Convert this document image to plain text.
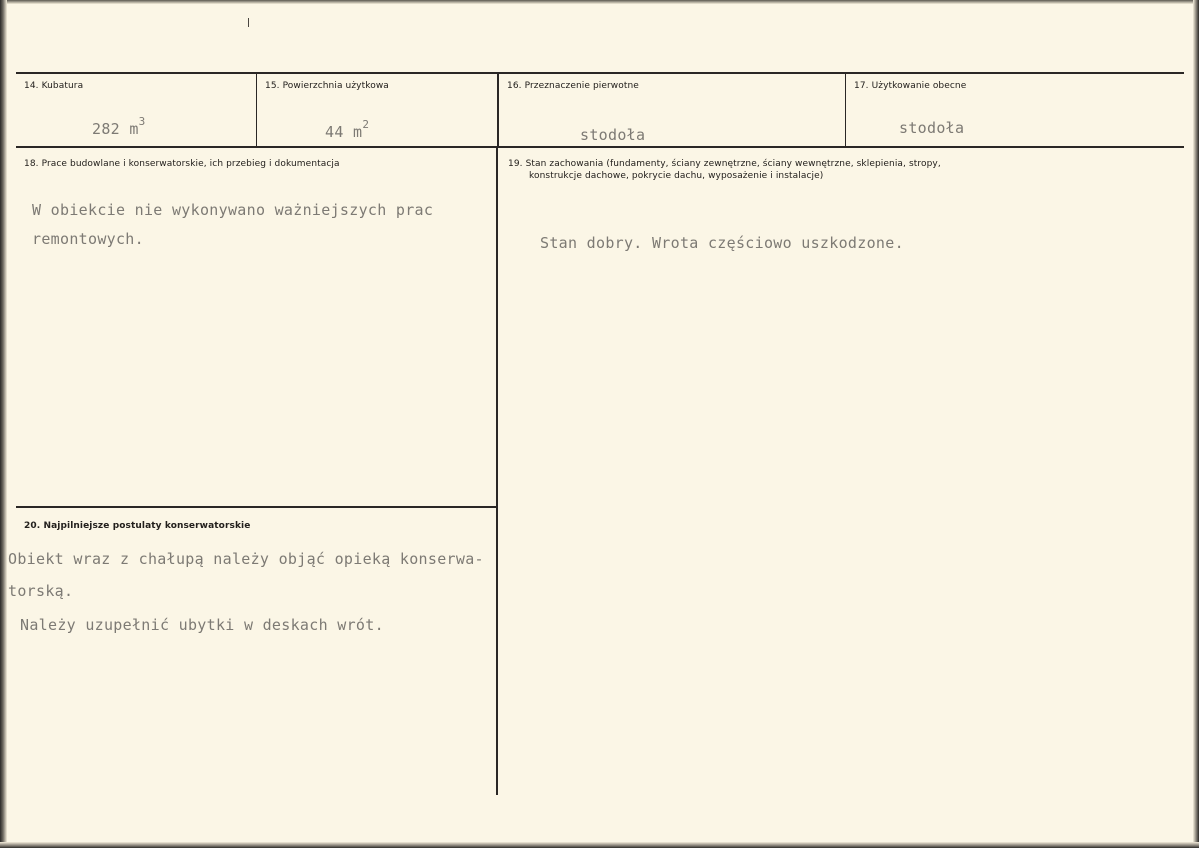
14. Kubatura
282 $m^3$
15. Powierzchnia użytkowa
44 $m^2$
16. Przeznaczenie pierwotne
stodoła
17. Użytkowanie obecne
stodoła
18. Prace budowlane i konserwatorskie, ich przebieg i dokumentacja
W obiekcie nie wykonywano ważniejszych prac
remontowych.
19. Stan zachowania (fundamenty, ściany zewnętrzne, ściany wewnętrzne, sklepienia, stropy,
konstrukcje dachowe, pokrycie dachu, wyposażenie i instalacje)
Stan dobry. Wrota częściowo uszkodzone.
20. Najpilniejsze postulaty konserwatorskie
Obiekt wraz z chałupą należy objąć opieką konserwa-
torską.
Należy uzupełnić ubytki w deskach wrót.
